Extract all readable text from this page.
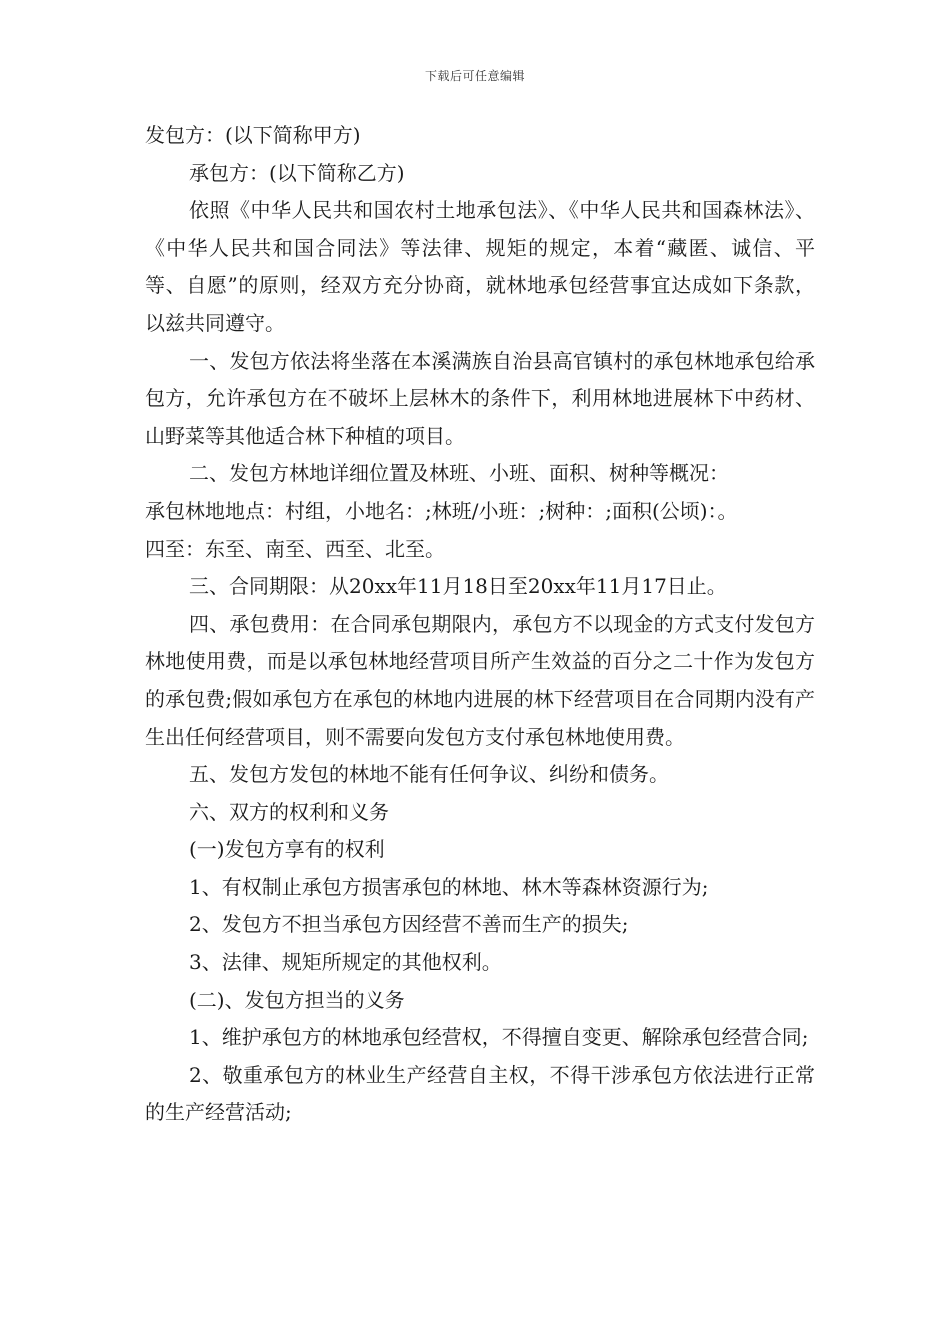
下载后可任意编辑

发包方：(以下简称甲方)

承包方：(以下简称乙方)

依照《中华人民共和国农村土地承包法》、《中华人民共和国森林法》、《中华人民共和国合同法》等法律、规矩的规定，本着“藏匿、诚信、平等、自愿”的原则，经双方充分协商，就林地承包经营事宜达成如下条款，以兹共同遵守。

一、发包方依法将坐落在本溪满族自治县高官镇村的承包林地承包给承包方，允许承包方在不破坏上层林木的条件下，利用林地进展林下中药材、山野菜等其他适合林下种植的项目。

二、发包方林地详细位置及林班、小班、面积、树种等概况：

承包林地地点：村组，小地名：;林班/小班：;树种：;面积(公顷)：。

四至：东至、南至、西至、北至。

三、合同期限：从20xx年11月18日至20xx年11月17日止。

四、承包费用：在合同承包期限内，承包方不以现金的方式支付发包方林地使用费，而是以承包林地经营项目所产生效益的百分之二十作为发包方的承包费;假如承包方在承包的林地内进展的林下经营项目在合同期内没有产生出任何经营项目，则不需要向发包方支付承包林地使用费。

五、发包方发包的林地不能有任何争议、纠纷和债务。

六、双方的权利和义务

(一)发包方享有的权利

1、有权制止承包方损害承包的林地、林木等森林资源行为;

2、发包方不担当承包方因经营不善而生产的损失;

3、法律、规矩所规定的其他权利。

(二)、发包方担当的义务

1、维护承包方的林地承包经营权，不得擅自变更、解除承包经营合同;

2、敬重承包方的林业生产经营自主权，不得干涉承包方依法进行正常的生产经营活动;
